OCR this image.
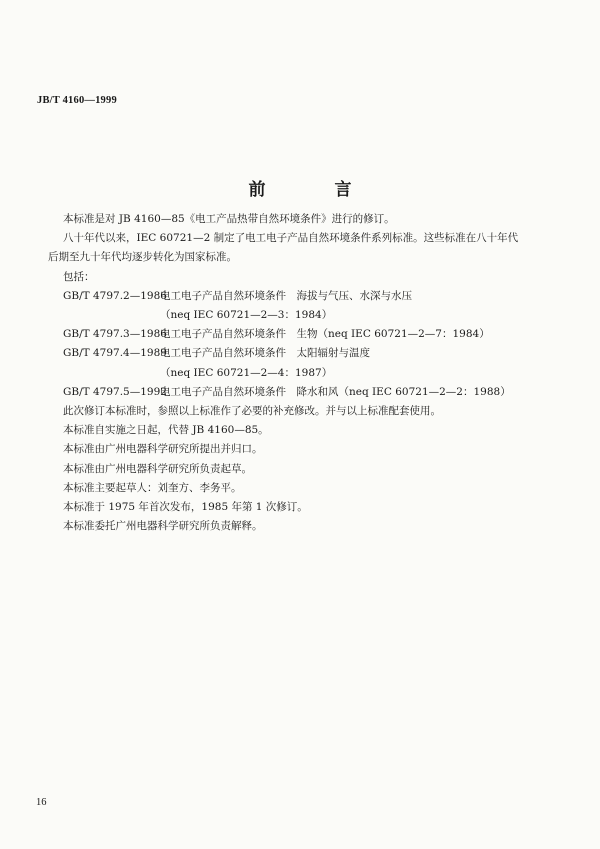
JB/T 4160—1999
前　言
本标准是对 JB 4160—85《电工产品热带自然环境条件》进行的修订。
八十年代以来，IEC 60721—2 制定了电工电子产品自然环境条件系列标准。这些标准在八十年代
后期至九十年代均逐步转化为国家标准。
包括：
GB/T 4797.2—1986
电工电子产品自然环境条件　海拔与气压、水深与水压
（neq IEC 60721—2—3：1984）
GB/T 4797.3—1986
电工电子产品自然环境条件　生物（neq IEC 60721—2—7：1984）
GB/T 4797.4—1989
电工电子产品自然环境条件　太阳辐射与温度
（neq IEC 60721—2—4：1987）
GB/T 4797.5—1992
电工电子产品自然环境条件　降水和风（neq IEC 60721—2—2：1988）
此次修订本标准时，参照以上标准作了必要的补充修改。并与以上标准配套使用。
本标准自实施之日起，代替 JB 4160—85。
本标准由广州电器科学研究所提出并归口。
本标准由广州电器科学研究所负责起草。
本标准主要起草人：刘奎方、李务平。
本标准于 1975 年首次发布，1985 年第 1 次修订。
本标准委托广州电器科学研究所负责解释。
16
